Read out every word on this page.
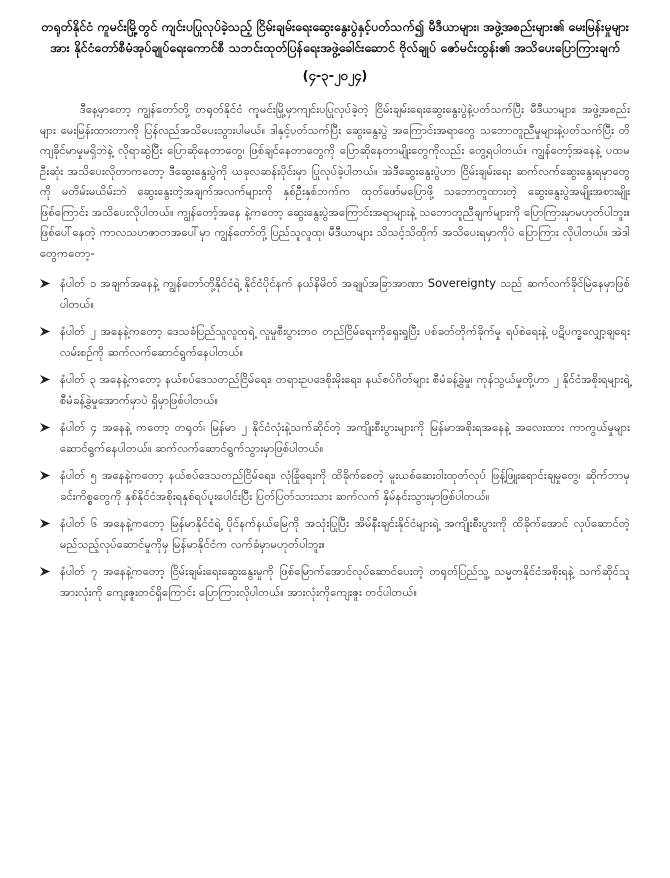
တရုတ်နိုင်ငံ ကူမင်းမြို့တွင် ကျင်းပပြုလုပ်ခဲ့သည့် ငြိမ်းချမ်းရေးဆွေးနွေးပွဲနှင့်ပတ်သက်၍ မီဒီယာများ၊ အဖွဲ့အစည်းများ၏ မေးမြန်းမှုများအား နိုင်ငံတော်စီမံအုပ်ချုပ်ရေးကောင်စီ သဘင်းထုတ်ပြန်ရေးအဖွဲ့ခေါင်းဆောင် ဗိုလ်ချုပ် ဇော်မင်းထွန်း၏ အသိပေးပြောကြားချက်
(၄-၃-၂၀၂၄)
ဒီနေ့မှာတော့ ကျွန်တော်တို့ တရုတ်နိုင်ငံ ကူမင်းမြို့မှာကျင်းပပြုလုပ်ခဲ့တဲ့ ငြိမ်းချမ်းရေးဆွေးနွေးပွဲနဲ့ပတ်သက်ပြီး မီဒီယာများ၊ အဖွဲ့အစည်းများ မေးမြန်းထားတာကို ပြန်လည်အသိပေးသွားပါမယ်။ ဒါနှင့်ပတ်သက်ပြီး ဆွေးနွေးပွဲ အကြောင်းအရာတွေ သဘောတူညီမှုများနဲ့ပတ်သက်ပြီး တိကျခိုင်မာမှုမရှိဘဲနဲ့ လိုရာဆွဲပြီး ပြောဆိုနေတာတွေ၊ ဖြစ်ချင်နေတာတွေကို ပြောဆိုနေတာမျိုးတွေကိုလည်း တွေ့ရပါတယ်။ ကျွန်တော့်အနေနဲ့ ပထမဦးဆုံး အသိပေးလိုတာကတော့ ဒီဆွေးနွေးပွဲကို ယခုလဆန်းပိုင်းမှာ ပြုလုပ်ခဲ့ပါတယ်။ အဲဒီဆွေးနွေးပွဲဟာ ငြိမ်းချမ်းရေး ဆက်လက်ဆွေးနွေးရမှာတွေကို မတိမ်းမယိမ်းဘဲ ဆွေးနွေးတဲ့အချက်အလက်များကို နှစ်ဦးနှစ်ဘက်က ထုတ်ဖော်မပြောဖို့ သဘောတူထားတဲ့ ဆွေးနွေးပွဲအမျိုးအစားမျိုးဖြစ်ကြောင်း အသိပေးလိုပါတယ်။ ကျွန်တော့်အနေ နဲ့ကတော့ ဆွေးနွေးပွဲအကြောင်းအရာများနဲ့ သဘောတူညီချက်များကို ပြောကြားမှာမဟုတ်ပါဘူး။ ဖြစ်ပေါ်နေတဲ့ ကာလသဟဇာတအပေါ်မှာ ကျွန်တော်တို့ ပြည်သူလူထု၊ မီဒီယာများ သိသင့်သိထိုက် အသိပေးရမှာကိုပဲ ပြောကြား လိုပါတယ်။ အဲဒါတွေကတော့-
နံပါတ် ၁ အချက်အနေနဲ့ ကျွန်တော်တို့နိုင်ငံရဲ့ နိုင်ငံပိုင်နက် နယ်နိမိတ် အချုပ်အခြာအာဏာ Sovereignty သည် ဆက်လက်ခိုင်မြဲနေမှာဖြစ်ပါတယ်။
နံပါတ် ၂ အနေနဲ့ကတော့ ဒေသခံပြည်သူလူထုရဲ့ လူမှုစီးပွားဘဝ တည်ငြိမ်ရေးကိုရှေးရှုပြီး ပစ်ခတ်တိုက်ခိုက်မှု ရပ်စဲရေးနဲ့ ပဋိပက္ခလျှော့ချရေး လမ်းစဉ်ကို ဆက်လက်ဆောင်ရွက်နေပါတယ်။
နံပါတ် ၃ အနေနဲ့ကတော့ နယ်စပ်ဒေသတည်ငြိမ်ရေး၊ တရားဥပဒေစိုးမိုးရေး၊ နယ်စပ်ဂိတ်များ စီမံခန့်ခွဲမှု၊ ကုန်သွယ်မှုတို့ဟာ ၂ နိုင်ငံအစိုးရများရဲ့ စီမံခန့်ခွဲမှုအောက်မှာပဲ ရှိမှာဖြစ်ပါတယ်။
နံပါတ် ၄ အနေနဲ့ ကတော့ တရုတ်၊ မြန်မာ ၂ နိုင်ငံလုံးနဲ့သက်ဆိုင်တဲ့ အကျိုးစီးပွားများကို မြန်မာအစိုးရအနေနဲ့ အလေးထား ကာကွယ်မှုများ ဆောင်ရွက်နေပါတယ်။ ဆက်လက်ဆောင်ရွက်သွားမှာဖြစ်ပါတယ်။
နံပါတ် ၅ အနေနဲ့ကတော့ နယ်စပ်ဒေသတည်ငြိမ်ရေး၊ လုံခြုံရေးကို ထိခိုက်စေတဲ့ မူးယစ်ဆေးဝါးထုတ်လုပ် ဖြန့်ဖြူးရောင်းချမှုတွေ၊ ဆိုက်ဘာမှခင်းကိစ္စတွေကို နှစ်နိုင်ငံအစိုးရနှစ်ရပ်ပူးပေါင်းပြီး ပြတ်ပြတ်သားသား ဆက်လက် နှိမ်နင်းသွားမှာဖြစ်ပါတယ်။
နံပါတ် ၆ အနေနဲ့ကတော့ မြန်မာနိုင်ငံရဲ့ ပိုင်နက်နယ်မြေကို အသုံးပြုပြီး အိမ်နီးချင်းနိုင်ငံများရဲ့ အကျိုးစီးပွားကို ထိခိုက်အောင် လုပ်ဆောင်တဲ့ မည်သည့်လုပ်ဆောင်မှုကိုမှ မြန်မာနိုင်ငံက လက်ခံမှာမဟုတ်ပါဘူး။
နံပါတ် ၇ အနေနဲ့ကတော့ ငြိမ်းချမ်းရေးဆွေးနွေးမှုကို ဖြစ်မြောက်အောင်လုပ်ဆောင်ပေးတဲ့ တရုတ်ပြည်သူ့ သမ္မတနိုင်ငံအစိုးရနဲ့ သက်ဆိုင်သူအားလုံးကို ကျေးဇူးတင်ရှိကြောင်း ပြောကြားလိုပါတယ်။ အားလုံးကိုကျေးဇူး တင်ပါတယ်။
